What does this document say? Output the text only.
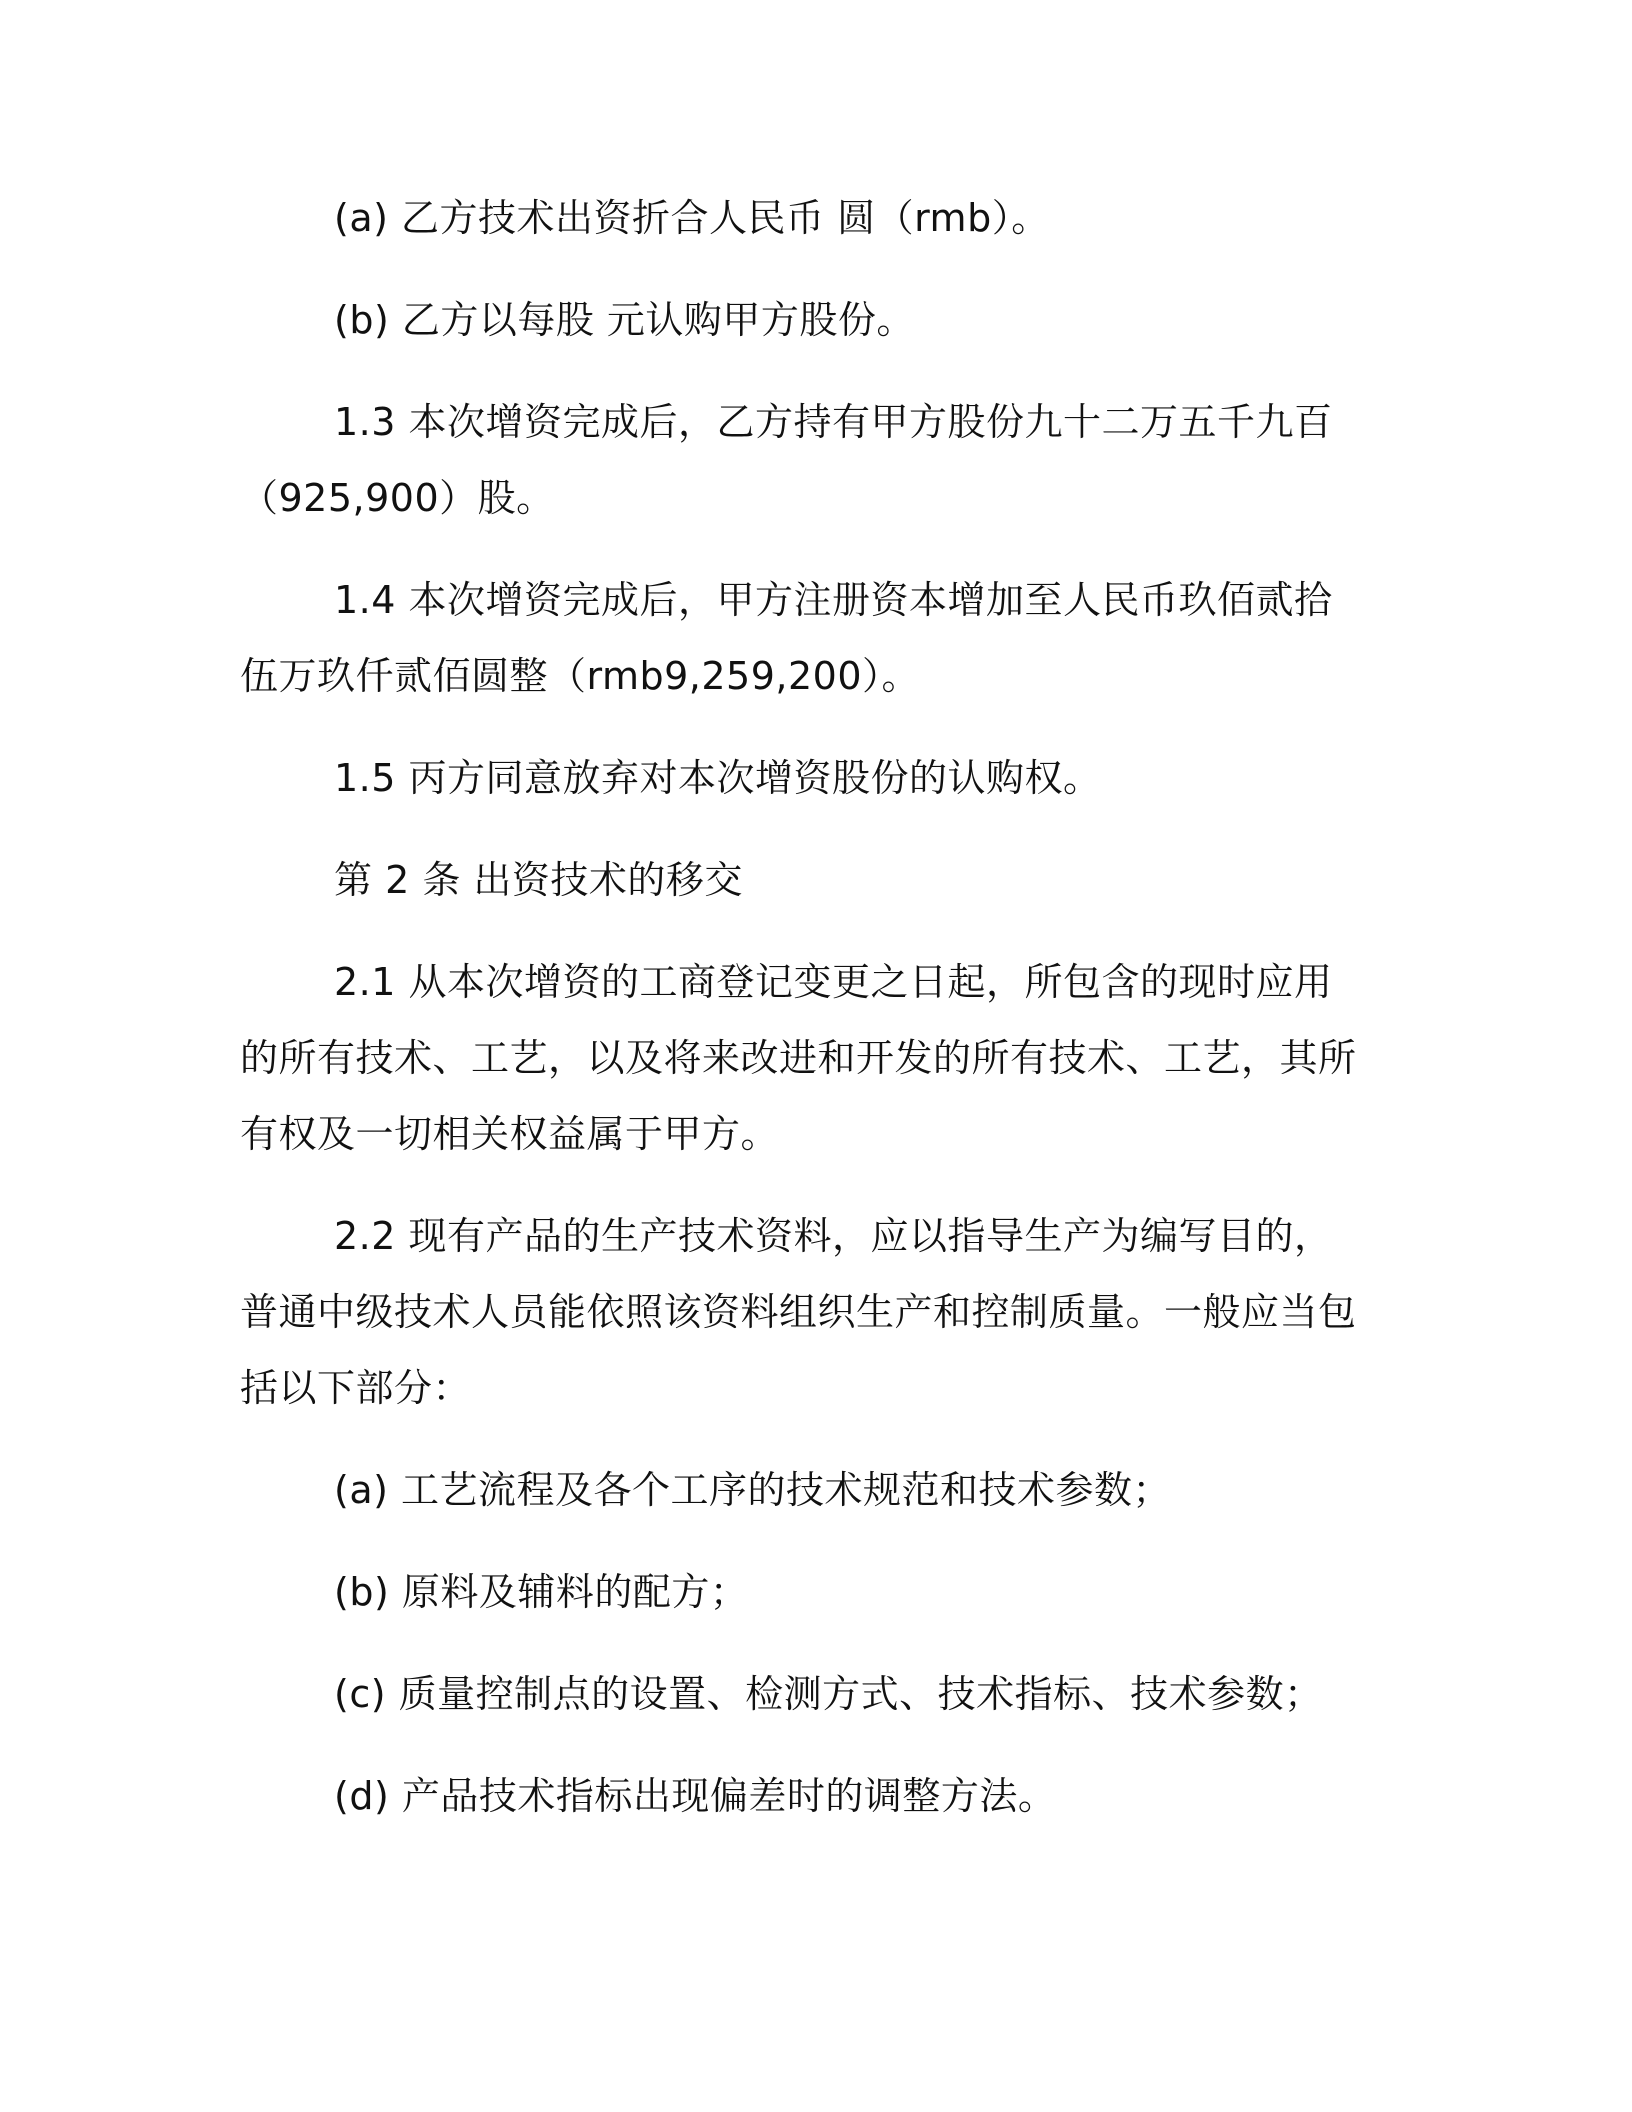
(a) 乙方技术出资折合人民币 圆（rmb）。

(b) 乙方以每股 元认购甲方股份。

1.3 本次增资完成后，乙方持有甲方股份九十二万五千九百（925,900）股。

1.4 本次增资完成后，甲方注册资本增加至人民币玖佰贰拾伍万玖仟贰佰圆整（rmb9,259,200）。

1.5 丙方同意放弃对本次增资股份的认购权。

第 2 条 出资技术的移交

2.1 从本次增资的工商登记变更之日起，所包含的现时应用的所有技术、工艺，以及将来改进和开发的所有技术、工艺，其所有权及一切相关权益属于甲方。

2.2 现有产品的生产技术资料，应以指导生产为编写目的，普通中级技术人员能依照该资料组织生产和控制质量。一般应当包括以下部分：

(a) 工艺流程及各个工序的技术规范和技术参数；

(b) 原料及辅料的配方；

(c) 质量控制点的设置、检测方式、技术指标、技术参数；

(d) 产品技术指标出现偏差时的调整方法。
